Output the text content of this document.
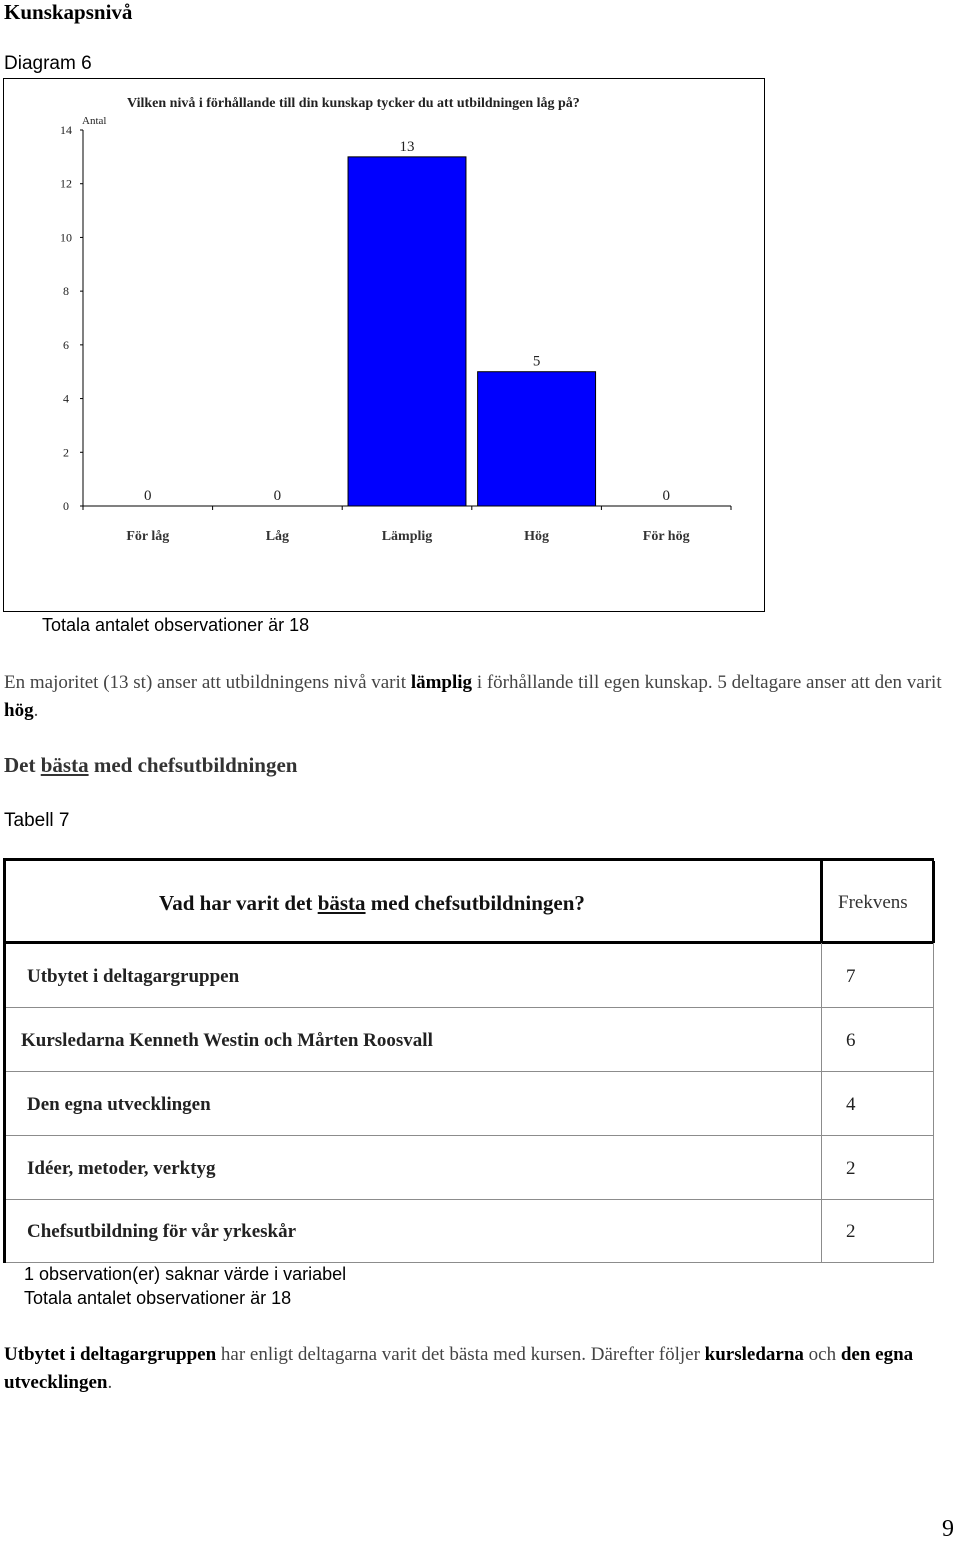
Kunskapsnivå
Diagram 6
Vilken nivå i förhållande till din kunskap tycker du att utbildningen låg på?
Antal
0
2
4
6
8
10
12
14
0
För låg
0
Låg
13
Lämplig
5
Hög
0
För hög
Totala antalet observationer är 18
En majoritet (13 st) anser att utbildningens nivå varit lämplig i förhållande till egen kunskap. 5 deltagare anser att den varit hög.
Det bästa med chefsutbildningen
Tabell 7
Vad har varit det bästa med chefsutbildningen?	Frekvens
Utbytet i deltagargruppen	7
Kursledarna Kenneth Westin och Mårten Roosvall	6
Den egna utvecklingen	4
Idéer, metoder, verktyg	2
Chefsutbildning för vår yrkeskår	2
1 observation(er) saknar värde i variabel
Totala antalet observationer är 18
Utbytet i deltagargruppen har enligt deltagarna varit det bästa med kursen. Därefter följer kursledarna och den egna utvecklingen.
9
